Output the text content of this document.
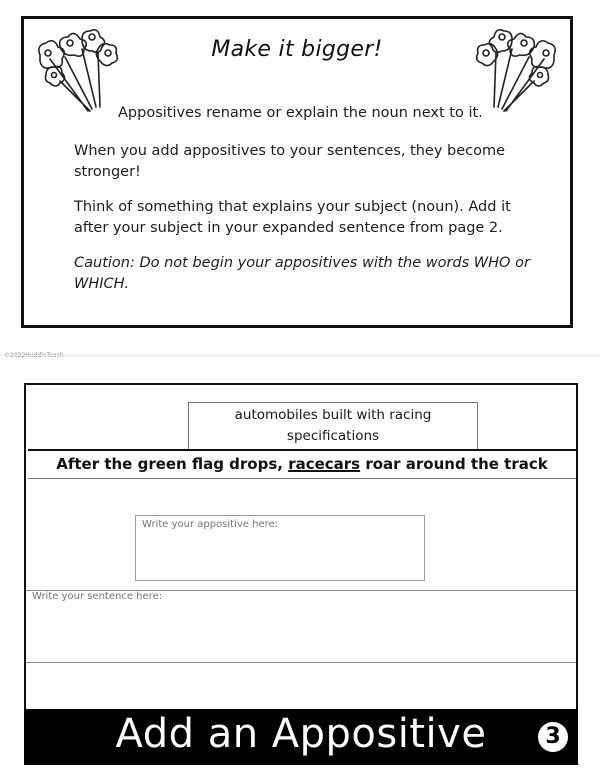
Make it bigger!
Appositives rename or explain the noun next to it.
When you add appositives to your sentences, they become stronger!
Think of something that explains your subject (noun). Add it after your subject in your expanded sentence from page 2.
Caution: Do not begin your appositives with the words WHO or WHICH.
automobiles built with racing specifications
After the green flag drops, racecars roar around the track
Write your appositive here:
Write your sentence here:
Add an Appositive	3
